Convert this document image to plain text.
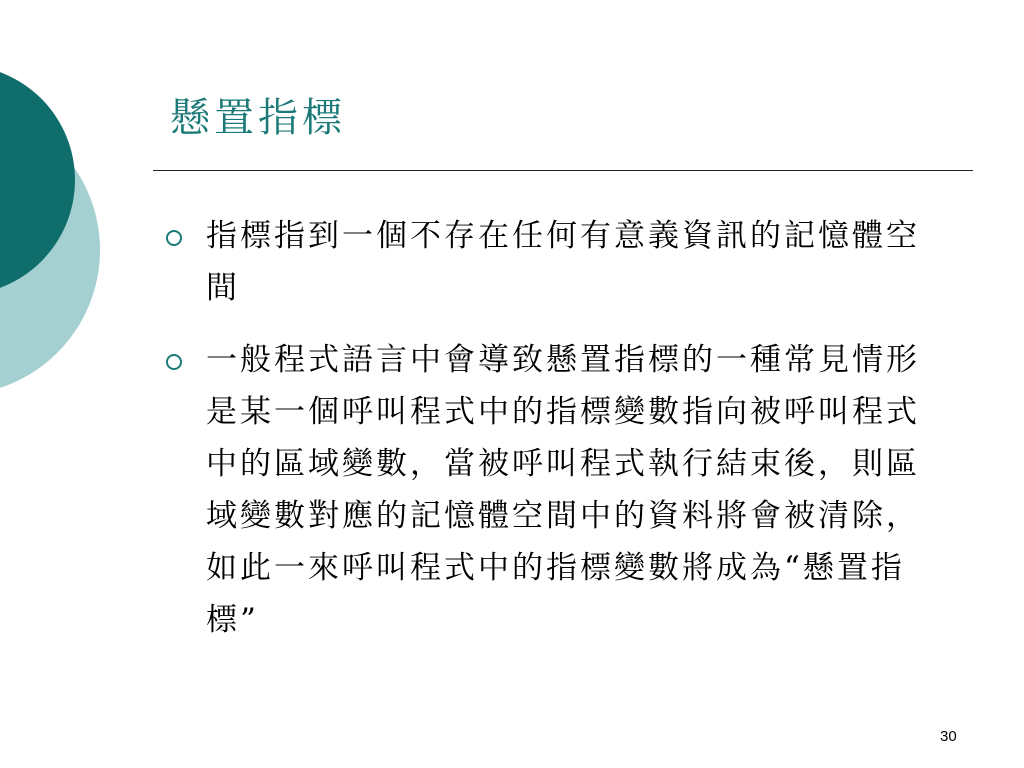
懸置指標
指標指到一個不存在任何有意義資訊的記憶體空間
一般程式語言中會導致懸置指標的一種常見情形是某一個呼叫程式中的指標變數指向被呼叫程式中的區域變數，當被呼叫程式執行結束後，則區域變數對應的記憶體空間中的資料將會被清除，如此一來呼叫程式中的指標變數將成為“懸置指標”
30
